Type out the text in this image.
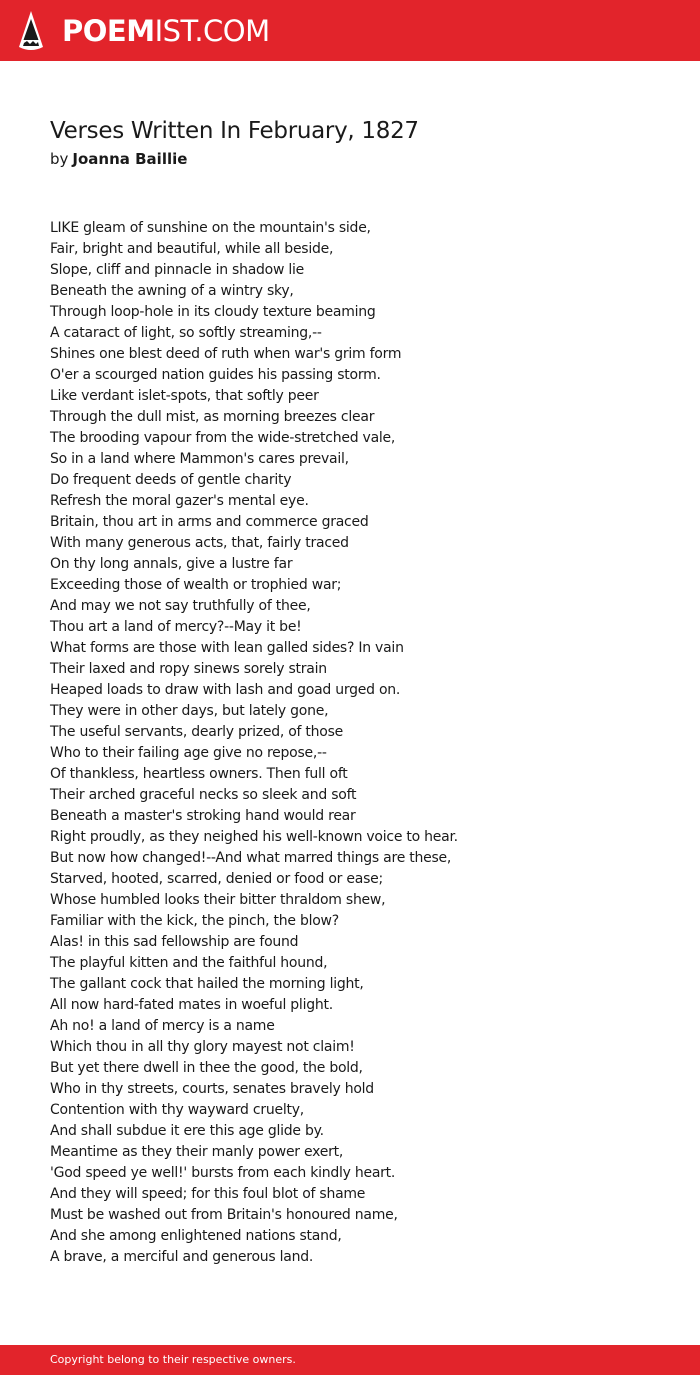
POEMIST.COM
Verses Written In February, 1827
by Joanna Baillie
LIKE gleam of sunshine on the mountain's side,
Fair, bright and beautiful, while all beside,
Slope, cliff and pinnacle in shadow lie
Beneath the awning of a wintry sky,
Through loop-hole in its cloudy texture beaming
A cataract of light, so softly streaming,--
Shines one blest deed of ruth when war's grim form
O'er a scourged nation guides his passing storm.
Like verdant islet-spots, that softly peer
Through the dull mist, as morning breezes clear
The brooding vapour from the wide-stretched vale,
So in a land where Mammon's cares prevail,
Do frequent deeds of gentle charity
Refresh the moral gazer's mental eye.
Britain, thou art in arms and commerce graced
With many generous acts, that, fairly traced
On thy long annals, give a lustre far
Exceeding those of wealth or trophied war;
And may we not say truthfully of thee,
Thou art a land of mercy?--May it be!
What forms are those with lean galled sides? In vain
Their laxed and ropy sinews sorely strain
Heaped loads to draw with lash and goad urged on.
They were in other days, but lately gone,
The useful servants, dearly prized, of those
Who to their failing age give no repose,--
Of thankless, heartless owners. Then full oft
Their arched graceful necks so sleek and soft
Beneath a master's stroking hand would rear
Right proudly, as they neighed his well-known voice to hear.
But now how changed!--And what marred things are these,
Starved, hooted, scarred, denied or food or ease;
Whose humbled looks their bitter thraldom shew,
Familiar with the kick, the pinch, the blow?
Alas! in this sad fellowship are found
The playful kitten and the faithful hound,
The gallant cock that hailed the morning light,
All now hard-fated mates in woeful plight.
Ah no! a land of mercy is a name
Which thou in all thy glory mayest not claim!
But yet there dwell in thee the good, the bold,
Who in thy streets, courts, senates bravely hold
Contention with thy wayward cruelty,
And shall subdue it ere this age glide by.
Meantime as they their manly power exert,
'God speed ye well!' bursts from each kindly heart.
And they will speed; for this foul blot of shame
Must be washed out from Britain's honoured name,
And she among enlightened nations stand,
A brave, a merciful and generous land.
Copyright belong to their respective owners.
